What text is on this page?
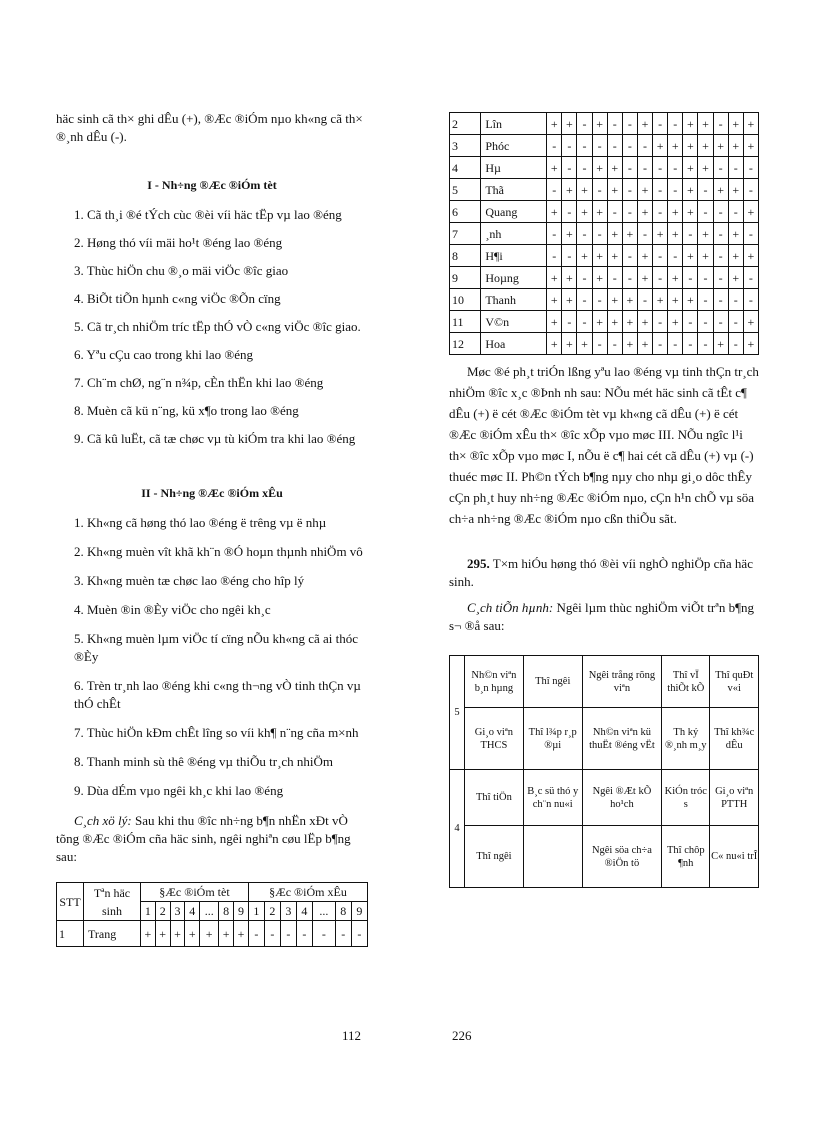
häc sinh cã th× ghi dÊu (+), ®Æc ®iÓm nµo kh«ng cã th× ®¸nh dÊu (-).

I - Nh÷ng ®Æc ®iÓm tèt

1. Cã th¸i ®é tÝch cùc ®èi víi häc tËp vµ lao ®éng

2. Høng thó víi mäi ho¹t ®éng lao ®éng

3. Thùc hiÖn chu ®¸o mäi viÖc ®îc giao

4. BiÕt tiÕn hµnh c«ng viÖc ®Õn cïng

5. Cã tr¸ch nhiÖm tríc tËp thÓ vÒ c«ng viÖc ®îc giao.

6. Yªu cÇu cao trong khi lao ®éng

7. Ch¨m chØ, ng¨n n¾p, cÈn thËn khi lao ®éng

8. Muèn cã kü n¨ng, kü x¶o trong lao ®éng

9. Cã kû luËt, cã tæ chøc vµ tù kiÓm tra khi lao ®éng

II - Nh÷ng ®Æc ®iÓm xÊu

1. Kh«ng cã høng thó lao ®éng ë trêng vµ ë nhµ

2. Kh«ng muèn vît khã kh¨n ®Ó hoµn thµnh nhiÖm vô

3. Kh«ng muèn tæ chøc lao ®éng cho hîp lý

4. Muèn ®in ®Èy viÖc cho ngêi kh¸c

5. Kh«ng muèn lµm viÖc tí cïng nÕu kh«ng cã ai thóc ®Èy

6. Trèn tr¸nh lao ®éng khi c«ng th¬ng vÒ tinh thÇn vµ thÓ chÊt

7. Thùc hiÖn kÐm chÊt lîng so víi kh¶ n¨ng cña m×nh

8. Thanh minh sù thê ®éng vµ thiÕu tr¸ch nhiÖm

9. Dùa dÉm vµo ngêi kh¸c khi lao ®éng

C¸ch xö lý: Sau khi thu ®îc nh÷ng b¶n nhËn xÐt vÒ tõng ®Æc ®iÓm cña häc sinh, ngêi nghiªn cøu lËp b¶ng sau:

STT	Tªn häc sinh	§Æc ®iÓm tèt							§Æc ®iÓm xÊu						
		1	2	3	4	...	8	9	1	2	3	4	...	8	9
1	Trang	+	+	+	+	+	+	+	-	-	-	-	-	-	-
112
2	Lîn	+	+	-	+	-	-	+	-	-	+	+	-	+	+
3	Phóc	-	-	-	-	-	-	-	+	+	+	+	+	+	+
4	Hµ	+	-	-	+	+	-	-	-	-	+	+	-	-	-
5	Thã	-	+	+	-	+	-	+	-	-	+	-	+	+	-
6	Quang	+	-	+	+	-	-	+	-	+	+	-	-	-	+
7	¸nh	-	+	-	-	+	+	-	+	+	-	+	-	+	-
8	H¶i	-	-	+	+	+	-	+	-	-	+	+	-	+	+
9	Hoµng	+	+	-	+	-	-	+	-	+	-	-	-	+	-
10	Thanh	+	+	-	-	+	+	-	+	+	+	-	-	-	-
11	V©n	+	-	-	+	+	+	+	-	+	-	-	-	-	+
12	Hoa	+	+	+	-	-	+	+	-	-	-	-	+	-	+

Møc ®é ph¸t triÓn lßng yªu lao ®éng vµ tinh thÇn tr¸ch nhiÖm ®îc x¸c ®Þnh nh sau: NÕu mét häc sinh cã tÊt c¶ dÊu (+) ë cét ®Æc ®iÓm tèt vµ kh«ng cã dÊu (+) ë cét ®Æc ®iÓm xÊu th× ®îc xÕp vµo møc III. NÕu ngîc l¹i th× ®îc xÕp vµo møc I, nÕu ë c¶ hai cét cã dÊu (+) vµ (-) thuéc møc II. Ph©n tÝch b¶ng nµy cho nhµ gi¸o dôc thÊy cÇn ph¸t huy nh÷ng ®Æc ®iÓm nµo, cÇn h¹n chÕ vµ söa ch÷a nh÷ng ®Æc ®iÓm nµo cßn thiÕu sãt.

295. T×m hiÓu høng thó ®èi víi nghÒ nghiÖp cña häc sinh.

C¸ch tiÕn hµnh: Ngêi lµm thùc nghiÖm viÕt trªn b¶ng s¬ ®å sau:

5	Nh©n viªn b¸n hµng	Thî ngêi	Ngêi trång rõng viªn	Thî vÏ thiÕt kÕ	Thî quÐt v«i
	Gi¸o viªn THCS	Thî l¾p r¸p ®µi	Nh©n viªn kü thuËt ®éng vËt	Th ký ®¸nh m¸y	Thî kh¾c dÊu
4	Thî tiÖn	B¸c sü thó y ch¨n nu«i	Ngêi ®Æt kÕ ho¹ch	KiÓn tróc s	Gi¸o viªn PTTH
	Thî ngêi		Ngêi söa ch÷a ®iÖn tö	Thî chôp ¶nh	C« nu«i trÎ
226
